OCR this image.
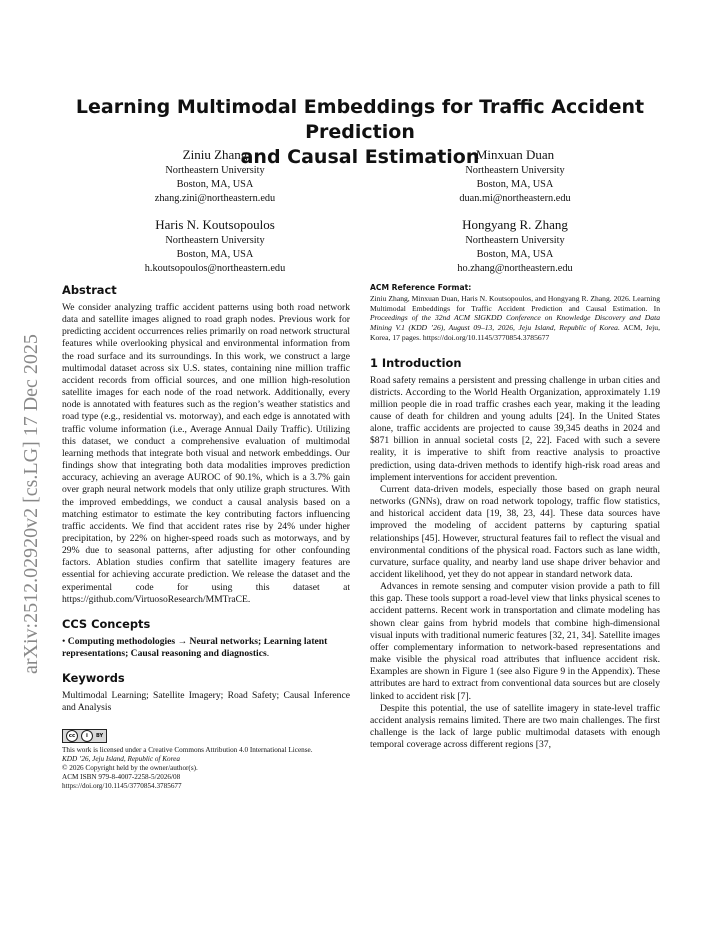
arXiv:2512.02920v2 [cs.LG] 17 Dec 2025
Learning Multimodal Embeddings for Traffic Accident Prediction
and Causal Estimation
Ziniu Zhang
Northeastern University
Boston, MA, USA
zhang.zini@northeastern.edu
Minxuan Duan
Northeastern University
Boston, MA, USA
duan.mi@northeastern.edu
Haris N. Koutsopoulos
Northeastern University
Boston, MA, USA
h.koutsopoulos@northeastern.edu
Hongyang R. Zhang
Northeastern University
Boston, MA, USA
ho.zhang@northeastern.edu
Abstract

We consider analyzing traffic accident patterns using both road network data and satellite images aligned to road graph nodes. Previous work for predicting accident occurrences relies primarily on road network structural features while overlooking physical and environmental information from the road surface and its surroundings. In this work, we construct a large multimodal dataset across six U.S. states, containing nine million traffic accident records from official sources, and one million high-resolution satellite images for each node of the road network. Additionally, every node is annotated with features such as the region’s weather statistics and road type (e.g., residential vs. motorway), and each edge is annotated with traffic volume information (i.e., Average Annual Daily Traffic). Utilizing this dataset, we conduct a comprehensive evaluation of multimodal learning methods that integrate both visual and network embeddings. Our findings show that integrating both data modalities improves prediction accuracy, achieving an average AUROC of 90.1%, which is a 3.7% gain over graph neural network models that only utilize graph structures. With the improved embeddings, we conduct a causal analysis based on a matching estimator to estimate the key contributing factors influencing traffic accidents. We find that accident rates rise by 24% under higher precipitation, by 22% on higher-speed roads such as motorways, and by 29% due to seasonal patterns, after adjusting for other confounding factors. Ablation studies confirm that satellite imagery features are essential for achieving accurate prediction. We release the dataset and the experimental code for using this dataset at https://github.com/VirtuosoResearch/MMTraCE.

CCS Concepts

• Computing methodologies → Neural networks; Learning latent representations; Causal reasoning and diagnostics.

Keywords

Multimodal Learning; Satellite Imagery; Road Safety; Causal Inference and Analysis

cc	i	BY

This work is licensed under a Creative Commons Attribution 4.0 International License.

KDD ’26, Jeju Island, Republic of Korea

© 2026 Copyright held by the owner/author(s).

ACM ISBN 979-8-4007-2258-5/2026/08

https://doi.org/10.1145/3770854.3785677

ACM Reference Format:

Ziniu Zhang, Minxuan Duan, Haris N. Koutsopoulos, and Hongyang R. Zhang. 2026. Learning Multimodal Embeddings for Traffic Accident Prediction and Causal Estimation. In Proceedings of the 32nd ACM SIGKDD Conference on Knowledge Discovery and Data Mining V.1 (KDD ’26), August 09–13, 2026, Jeju Island, Republic of Korea. ACM, Jeju, Korea, 17 pages. https://doi.org/10.1145/3770854.3785677

1 Introduction

Road safety remains a persistent and pressing challenge in urban cities and districts. According to the World Health Organization, approximately 1.19 million people die in road traffic crashes each year, making it the leading cause of death for children and young adults [24]. In the United States alone, traffic accidents are projected to cause 39,345 deaths in 2024 and $871 billion in annual societal costs [2, 22]. Faced with such a severe reality, it is imperative to shift from reactive analysis to proactive prediction, using data-driven methods to identify high-risk road areas and implement interventions for accident prevention.

Current data-driven models, especially those based on graph neural networks (GNNs), draw on road network topology, traffic flow statistics, and historical accident data [19, 38, 23, 44]. These data sources have improved the modeling of accident patterns by capturing spatial relationships [45]. However, structural features fail to reflect the visual and environmental conditions of the physical road. Factors such as lane width, curvature, surface quality, and nearby land use shape driver behavior and accident likelihood, yet they do not appear in standard network data.

Advances in remote sensing and computer vision provide a path to fill this gap. These tools support a road-level view that links physical scenes to accident patterns. Recent work in transportation and climate modeling has shown clear gains from hybrid models that combine high-dimensional visual inputs with traditional numeric features [32, 21, 34]. Satellite images offer complementary information to network-based representations and make visible the physical road attributes that influence accident risk. Examples are shown in Figure 1 (see also Figure 9 in the Appendix). These attributes are hard to extract from conventional data sources but are closely linked to accident risk [7].

Despite this potential, the use of satellite imagery in state-level traffic accident analysis remains limited. There are two main challenges. The first challenge is the lack of large public multimodal datasets with enough temporal coverage across different regions [37,
